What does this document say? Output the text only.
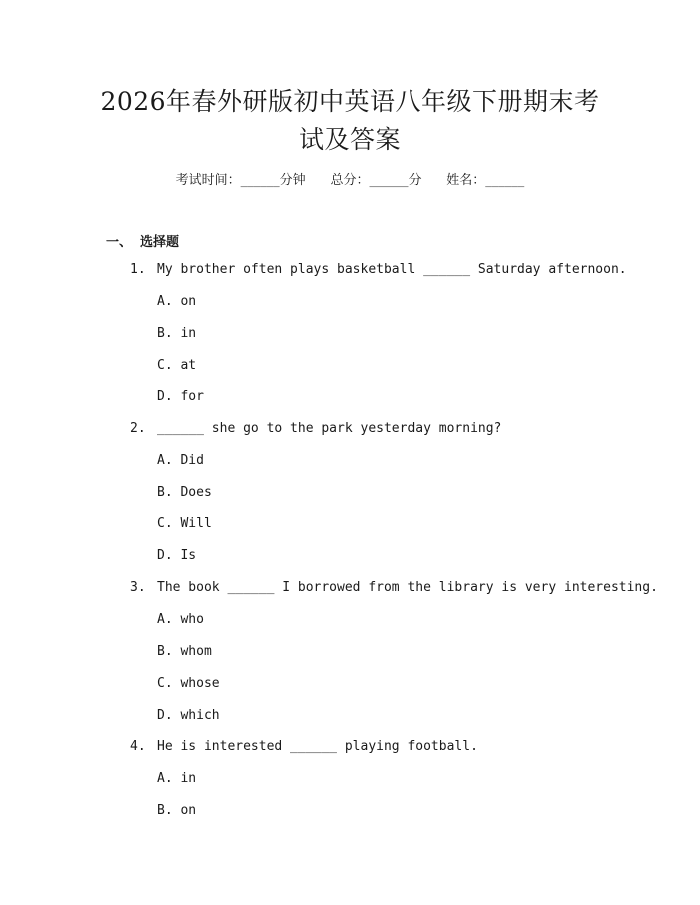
2026年春外研版初中英语八年级下册期末考
试及答案
考试时间：______分钟 总分：______分 姓名：______
一、 选择题
1. My brother often plays basketball ______ Saturday afternoon.
A. on
B. in
C. at
D. for
2. ______ she go to the park yesterday morning?
A. Did
B. Does
C. Will
D. Is
3. The book ______ I borrowed from the library is very interesting.
A. who
B. whom
C. whose
D. which
4. He is interested ______ playing football.
A. in
B. on
